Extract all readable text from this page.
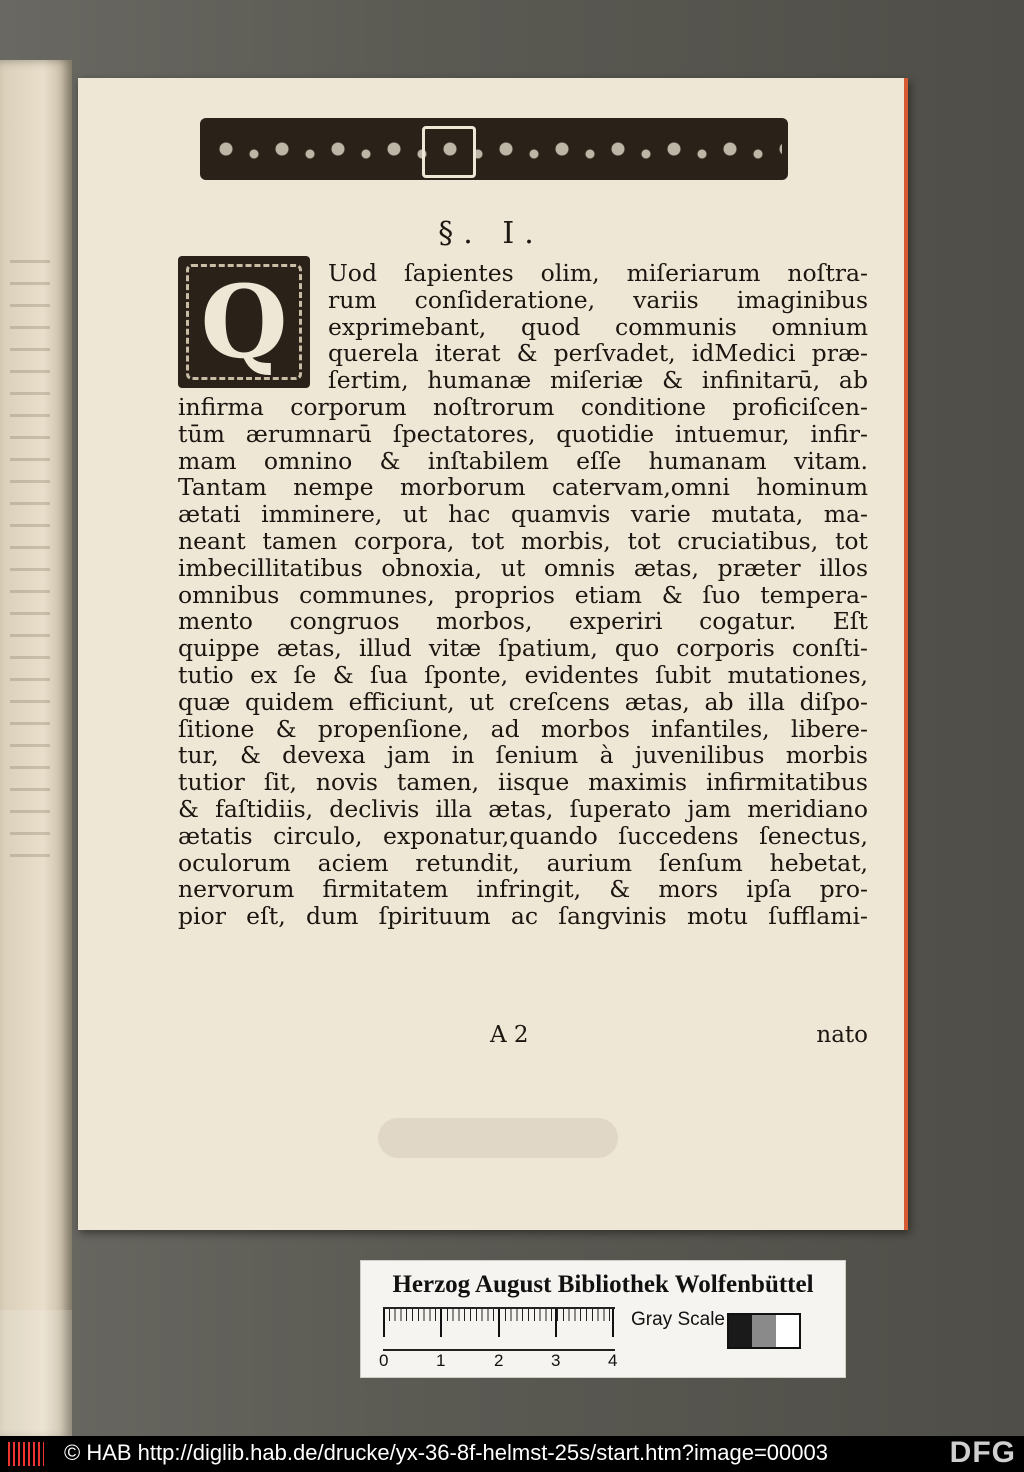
§. I.
Q	Uod ſapientes olim, miſeriarum noſtra-
rum conſideratione, variis imaginibus
exprimebant, quod communis omnium
querela iterat & perſvadet, idMedici præ-
ſertim, humanæ miſeriæ & infinitarū, ab
infirma corporum noſtrorum conditione proficiſcen-
tūm ærumnarū ſpectatores, quotidie intuemur, infir-
mam omnino & inſtabilem eſſe humanam vitam.
Tantam nempe morborum catervam,omni hominum
ætati imminere, ut hac quamvis varie mutata, ma-
neant tamen corpora, tot morbis, tot cruciatibus, tot
imbecillitatibus obnoxia, ut omnis ætas, præter illos
omnibus communes, proprios etiam & ſuo tempera-
mento congruos morbos, experiri cogatur. Eſt
quippe ætas, illud vitæ ſpatium, quo corporis conſti-
tutio ex ſe & ſua ſponte, evidentes ſubit mutationes,
quæ quidem efficiunt, ut creſcens ætas, ab illa diſpo-
ſitione & propenſione, ad morbos infantiles, libere-
tur, & devexa jam in ſenium à juvenilibus morbis
tutior ſit, novis tamen, iisque maximis infirmitatibus
& faſtidiis, declivis illa ætas, ſuperato jam meridiano
ætatis circulo, exponatur,quando ſuccedens ſenectus,
oculorum aciem retundit, aurium ſenſum hebetat,
nervorum firmitatem infringit, & mors ipſa pro-
pior eſt, dum ſpirituum ac ſangvinis motu ſufflami-
A 2	nato
Herzog August Bibliothek Wolfenbüttel
0	1	2	3	4
Gray Scale
© HAB http://diglib.hab.de/drucke/yx-36-8f-helmst-25s/start.htm?image=00003	DFG
